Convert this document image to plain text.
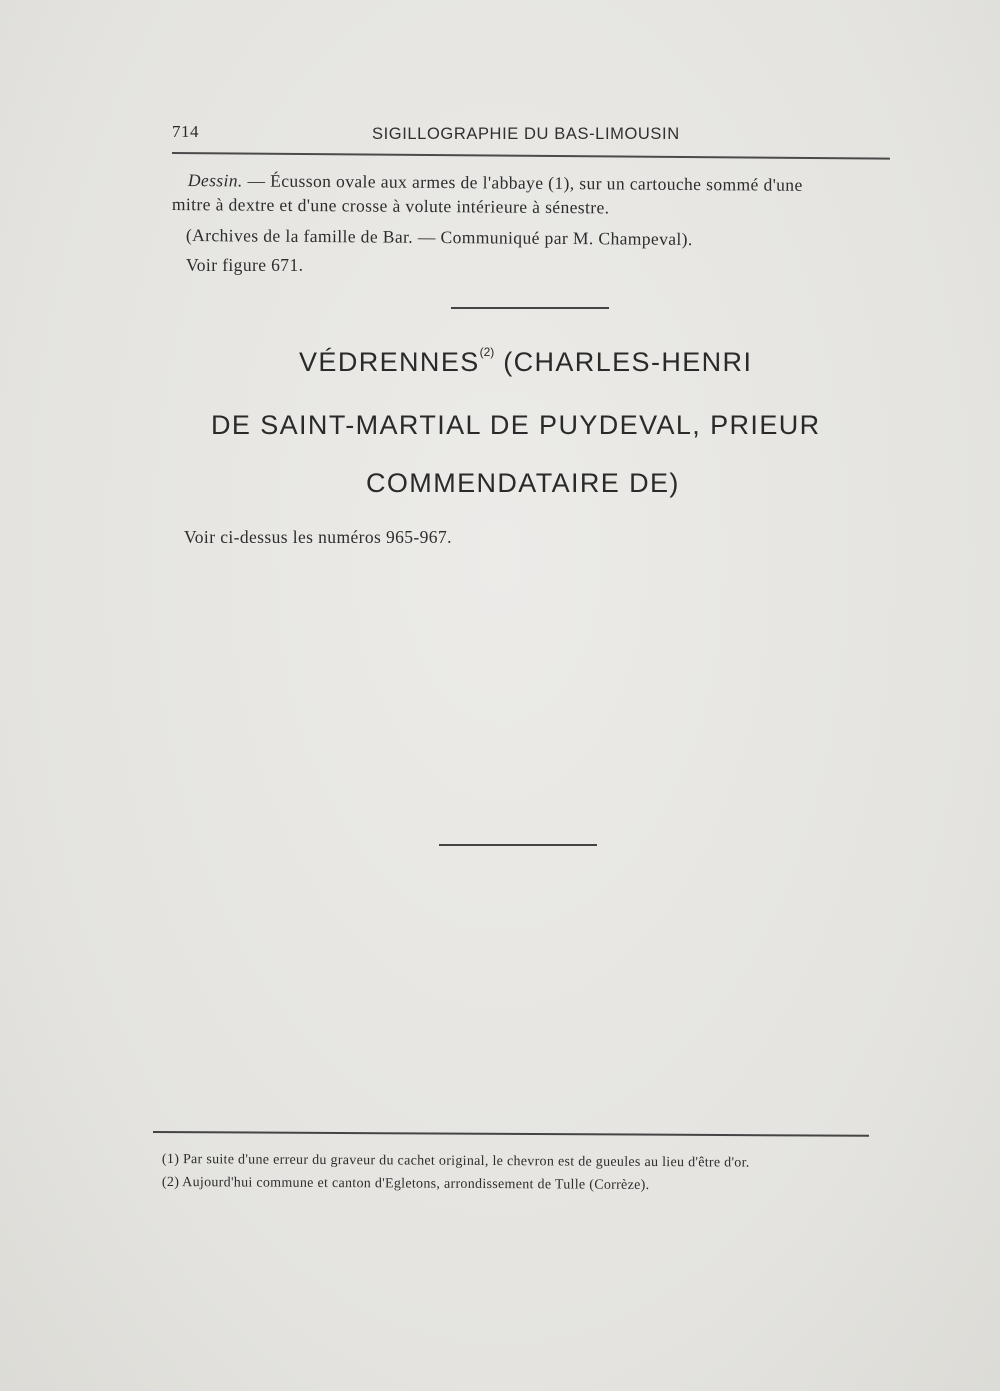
714	SIGILLOGRAPHIE DU BAS-LIMOUSIN
Dessin. — Écusson ovale aux armes de l'abbaye (1), sur un cartouche sommé d'une
mitre à dextre et d'une crosse à volute intérieure à sénestre.
(Archives de la famille de Bar. — Communiqué par M. Champeval).
Voir figure 671.
VÉDRENNES$^{(2)}$ (CHARLES-HENRI
DE SAINT-MARTIAL DE PUYDEVAL, PRIEUR
COMMENDATAIRE DE)
Voir ci-dessus les numéros 965-967.
(1) Par suite d'une erreur du graveur du cachet original, le chevron est de gueules au lieu d'être d'or.
(2) Aujourd'hui commune et canton d'Egletons, arrondissement de Tulle (Corrèze).
